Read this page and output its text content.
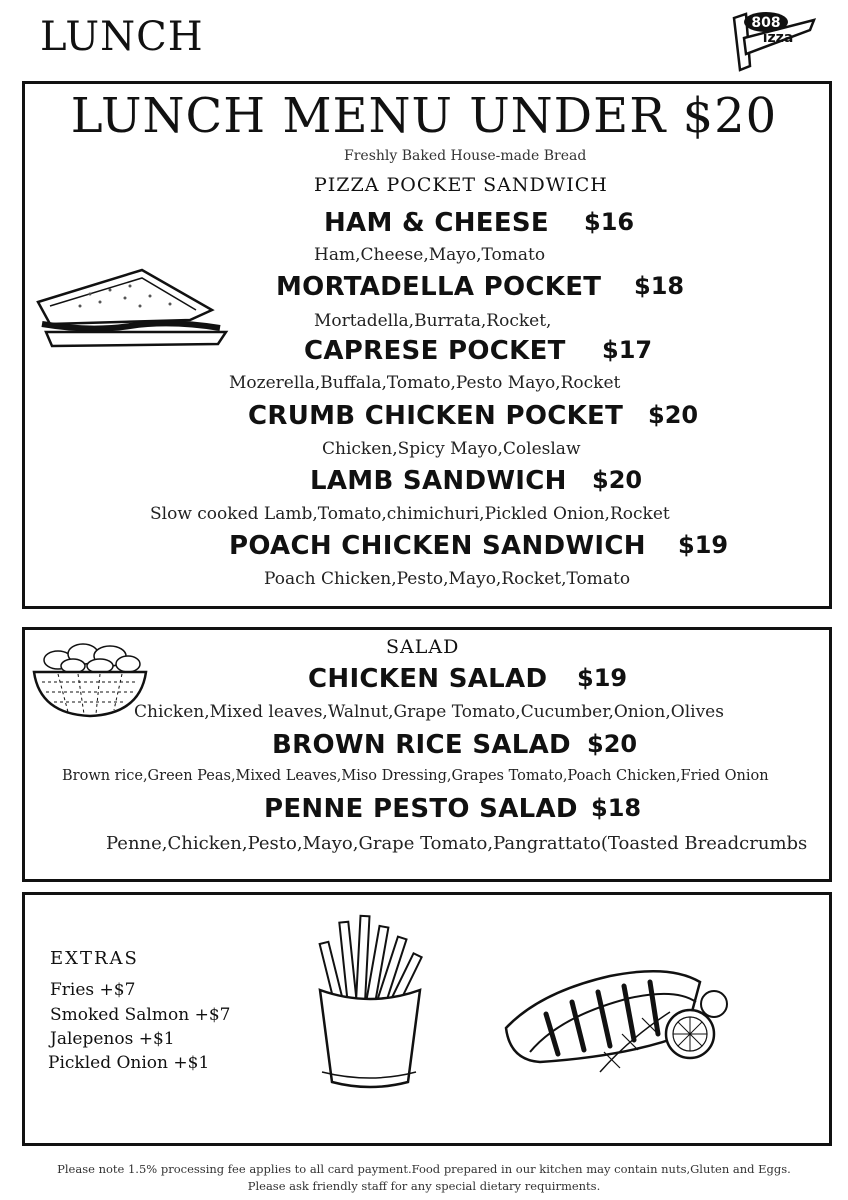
LUNCH	808
izza
LUNCH MENU UNDER $20
Freshly Baked House-made Bread
PIZZA POCKET SANDWICH
HAM & CHEESE $16
Ham,Cheese,Mayo,Tomato
MORTADELLA POCKET $18
Mortadella,Burrata,Rocket,
CAPRESE POCKET $17
Mozerella,Buffala,Tomato,Pesto Mayo,Rocket
CRUMB CHICKEN POCKET $20
Chicken,Spicy Mayo,Coleslaw
LAMB SANDWICH $20
Slow cooked Lamb,Tomato,chimichuri,Pickled Onion,Rocket
POACH CHICKEN SANDWICH $19
Poach Chicken,Pesto,Mayo,Rocket,Tomato
SALAD
CHICKEN SALAD $19
Chicken,Mixed leaves,Walnut,Grape Tomato,Cucumber,Onion,Olives
BROWN RICE SALAD $20
Brown rice,Green Peas,Mixed Leaves,Miso Dressing,Grapes Tomato,Poach Chicken,Fried Onion
PENNE PESTO SALAD $18
Penne,Chicken,Pesto,Mayo,Grape Tomato,Pangrattato(Toasted Breadcrumbs
EXTRAS
Fries +$7
Smoked Salmon +$7
Jalepenos +$1
Pickled Onion +$1
Please note 1.5% processing fee applies to all card payment.Food prepared in our kitchen may contain nuts,Gluten and Eggs.
Please ask friendly staff for any special dietary requirments.
